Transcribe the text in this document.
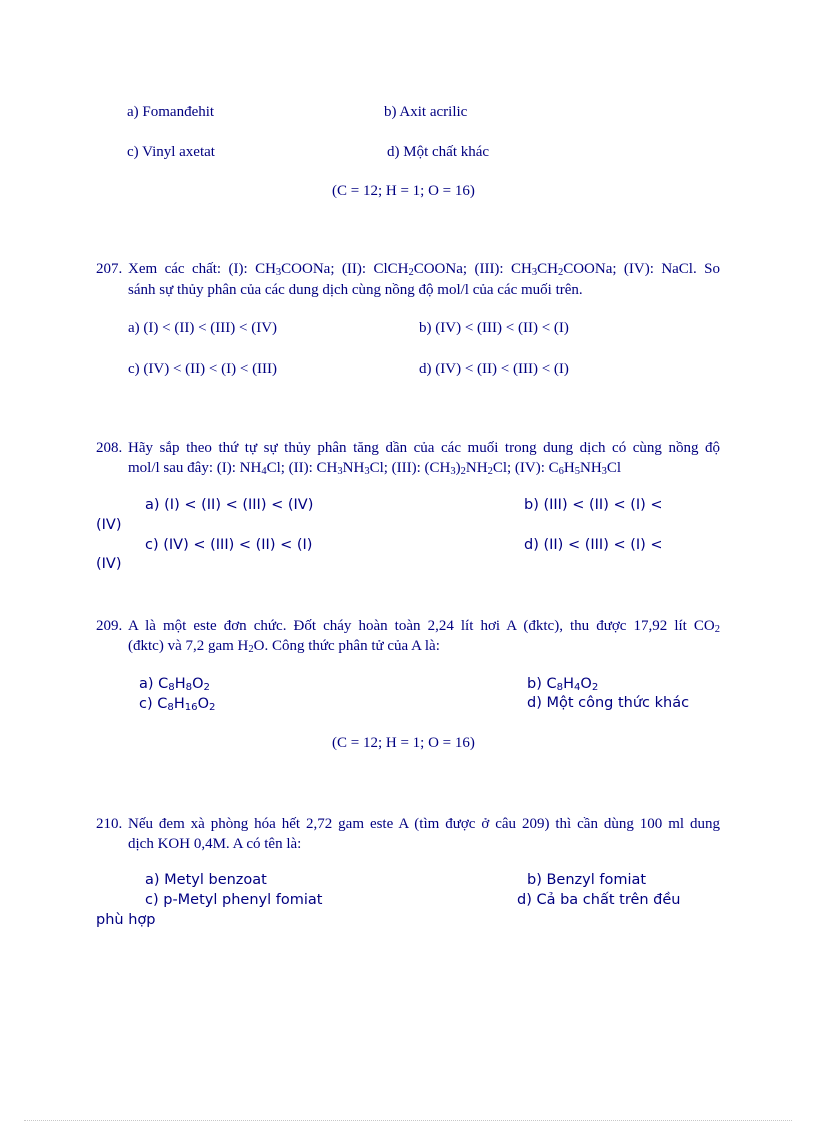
a) Fomanđehit	b) Axit acrilic
c) Vinyl axetat	d) Một chất khác
(C = 12; H = 1; O = 16)
207. Xem các chất: (I): $CH_3COONa$; (II): ClCH$_2$COONa; (III): $CH_3CH_2COONa$; (IV): NaCl. So
sánh sự thủy phân của các dung dịch cùng nồng độ mol/l của các muối trên.
a) (I) < (II) < (III) < (IV)	b) (IV) < (III) < (II) < (I)
c) (IV) < (II) < (I) < (III)	d) (IV) < (II) < (III) < (I)
208. Hãy sắp theo thứ tự sự thủy phân tăng dần của các muối trong dung dịch có cùng nồng độ
mol/l sau đây: (I): $NH_4Cl$; (II): $CH_3NH_3Cl$; (III): $(CH_3)_2NH_2Cl$; (IV): $C_6H_5NH_3Cl$
a) (I) < (II) < (III) < (IV)	b) (III) < (II) < (I) <
(IV)
c) (IV) < (III) < (II) < (I)	d) (II) < (III) < (I) <
(IV)
209. A là một este đơn chức. Đốt cháy hoàn toàn 2,24 lít hơi A (đktc), thu được 17,92 lít $CO_2$
(đktc) và 7,2 gam $H_2O$. Công thức phân tử của A là:
a) $C_8H_8O_2$	b) $C_8H_4O_2$
c) $C_8H_{16}O_2$	d) Một công thức khác
(C = 12; H = 1; O = 16)
210. Nếu đem xà phòng hóa hết 2,72 gam este A (tìm được ở câu 209) thì cần dùng 100 ml dung
dịch KOH 0,4M. A có tên là:
a) Metyl benzoat	b) Benzyl fomiat
c) p-Metyl phenyl fomiat	d) Cả ba chất trên đều
phù hợp
